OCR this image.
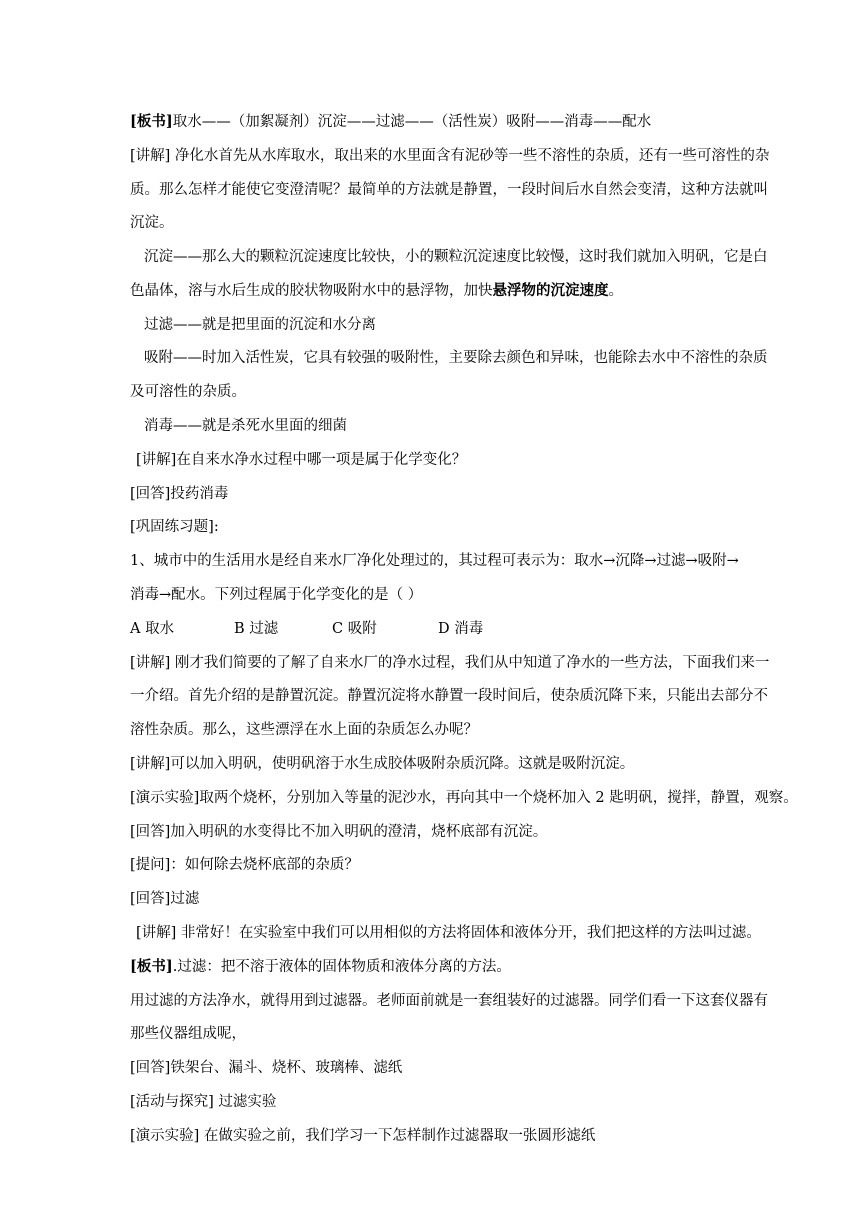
[板书]取水——（加絮凝剂）沉淀——过滤——（活性炭）吸附——消毒——配水
[讲解] 净化水首先从水库取水，取出来的水里面含有泥砂等一些不溶性的杂质，还有一些可溶性的杂
质。那么怎样才能使它变澄清呢？最简单的方法就是静置，一段时间后水自然会变清，这种方法就叫
沉淀。
沉淀——那么大的颗粒沉淀速度比较快，小的颗粒沉淀速度比较慢，这时我们就加入明矾，它是白
色晶体，溶与水后生成的胶状物吸附水中的悬浮物，加快悬浮物的沉淀速度。
过滤——就是把里面的沉淀和水分离
吸附——时加入活性炭，它具有较强的吸附性，主要除去颜色和异味，也能除去水中不溶性的杂质
及可溶性的杂质。
消毒——就是杀死水里面的细菌
[讲解]在自来水净水过程中哪一项是属于化学变化？
[回答]投药消毒
[巩固练习题]:
1、城市中的生活用水是经自来水厂净化处理过的，其过程可表示为：取水→沉降→过滤→吸附→
消毒→配水。下列过程属于化学变化的是（ ）
A 取水	B 过滤	C 吸附	D 消毒
[讲解] 刚才我们简要的了解了自来水厂的净水过程，我们从中知道了净水的一些方法，下面我们来一
一介绍。首先介绍的是静置沉淀。静置沉淀将水静置一段时间后，使杂质沉降下来，只能出去部分不
溶性杂质。那么，这些漂浮在水上面的杂质怎么办呢？
[讲解]可以加入明矾，使明矾溶于水生成胶体吸附杂质沉降。这就是吸附沉淀。
[演示实验]取两个烧杯，分别加入等量的泥沙水，再向其中一个烧杯加入 2 匙明矾，搅拌，静置，观察。
[回答]加入明矾的水变得比不加入明矾的澄清，烧杯底部有沉淀。
[提问]：如何除去烧杯底部的杂质？
[回答]过滤
[讲解] 非常好！在实验室中我们可以用相似的方法将固体和液体分开，我们把这样的方法叫过滤。
[板书].过滤：把不溶于液体的固体物质和液体分离的方法。
用过滤的方法净水，就得用到过滤器。老师面前就是一套组装好的过滤器。同学们看一下这套仪器有
那些仪器组成呢，
[回答]铁架台、漏斗、烧杯、玻璃棒、滤纸
[活动与探究] 过滤实验
[演示实验] 在做实验之前，我们学习一下怎样制作过滤器取一张圆形滤纸
